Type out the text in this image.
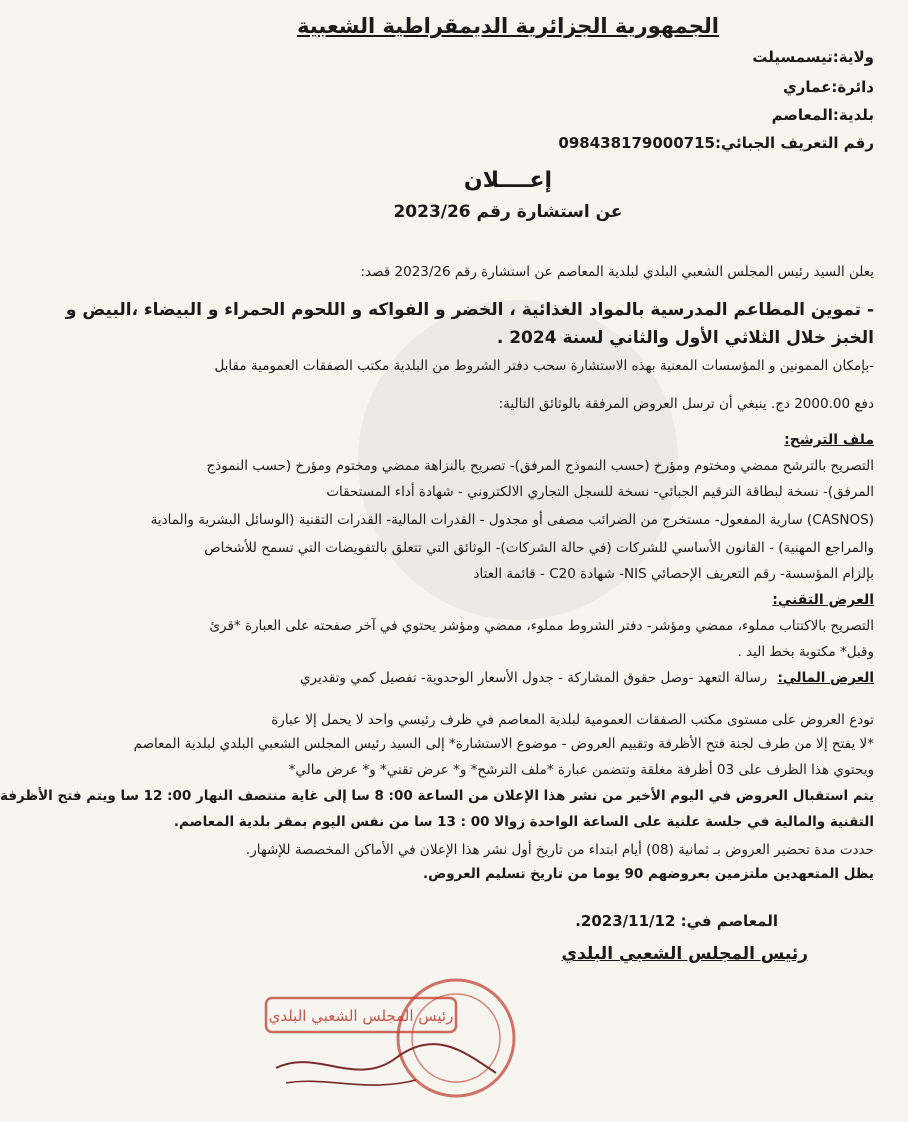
الجمهورية الجزائرية الديمقراطية الشعبية
ولاية:تيسمسيلت
دائرة:عماري
بلدية:المعاصم
رقم التعريف الجبائي:098438179000715
إعــــلان
عن استشارة رقم 2023/26
يعلن السيد رئيس المجلس الشعبي البلدي لبلدية المعاصم عن استشارة رقم 2023/26 قصد:
- تموين المطاعم المدرسية بالمواد الغذائية ، الخضر و الفواكه و اللحوم الحمراء و البيضاء ،البيض و
الخبز خلال الثلاثي الأول والثاني لسنة 2024 .
-بإمكان الممونين و المؤسسات المعنية بهذه الاستشارة سحب دفتر الشروط من البلدية مكتب الصفقات العمومية مقابل
دفع 2000.00 دج. ينبغي أن ترسل العروض المرفقة بالوثائق التالية:
ملف الترشح:
التصريح بالترشح ممضي ومختوم ومؤرخ (حسب النموذج المرفق)- تصريح بالنزاهة ممضي ومختوم ومؤرخ (حسب النموذج
المرفق)- نسخة لبطاقة الترقيم الجبائي- نسخة للسجل التجاري الالكتروني - شهادة أداء المستحقات
(CASNOS) سارية المفعول- مستخرج من الضرائب مصفى أو مجدول - القدرات المالية- القدرات التقنية (الوسائل البشرية والمادية
والمراجع المهنية) - القانون الأساسي للشركات (في حالة الشركات)- الوثائق التي تتعلق بالتفويضات التي تسمح للأشخاص
بإلزام المؤسسة- رقم التعريف الإحصائي NIS- شهادة C20 - قائمة العتاد
العرض التقني:
التصريح بالاكتتاب مملوء، ممضي ومؤشر- دفتر الشروط مملوء، ممضي ومؤشر يحتوي في آخر صفحته على العبارة *قرئ
وقبل* مكتوبة بخط اليد .
العرض المالي: رسالة التعهد -وصل حقوق المشاركة - جدول الأسعار الوحدوية- تفصيل كمي وتقديري
تودع العروض على مستوى مكتب الصفقات العمومية لبلدية المعاصم في ظرف رئيسي واحد لا يحمل إلا عبارة
*لا يفتح إلا من طرف لجنة فتح الأظرفة وتقييم العروض - موضوع الاستشارة* إلى السيد رئيس المجلس الشعبي البلدي لبلدية المعاصم
ويحتوي هذا الظرف على 03 أظرفة مغلقة وتتضمن عبارة *ملف الترشح* و* عرض تقني* و* عرض مالي*
يتم استقبال العروض في اليوم الأخير من نشر هذا الإعلان من الساعة 00: 8 سا إلى غاية منتصف النهار 00: 12 سا ويتم فتح الأظرفة
التقنية والمالية في جلسة علنية على الساعة الواحدة زوالا 00 : 13 سا من نفس اليوم بمقر بلدية المعاصم.
حددت مدة تحضير العروض بـ ثمانية (08) أيام ابتداء من تاريخ أول نشر هذا الإعلان في الأماكن المخصصة للإشهار.
يظل المتعهدين ملتزمين بعروضهم 90 يوما من تاريخ تسليم العروض.
المعاصم في: 2023/11/12.
رئيس المجلس الشعبي البلدي
رئيس المجلس الشعبي البلدي
